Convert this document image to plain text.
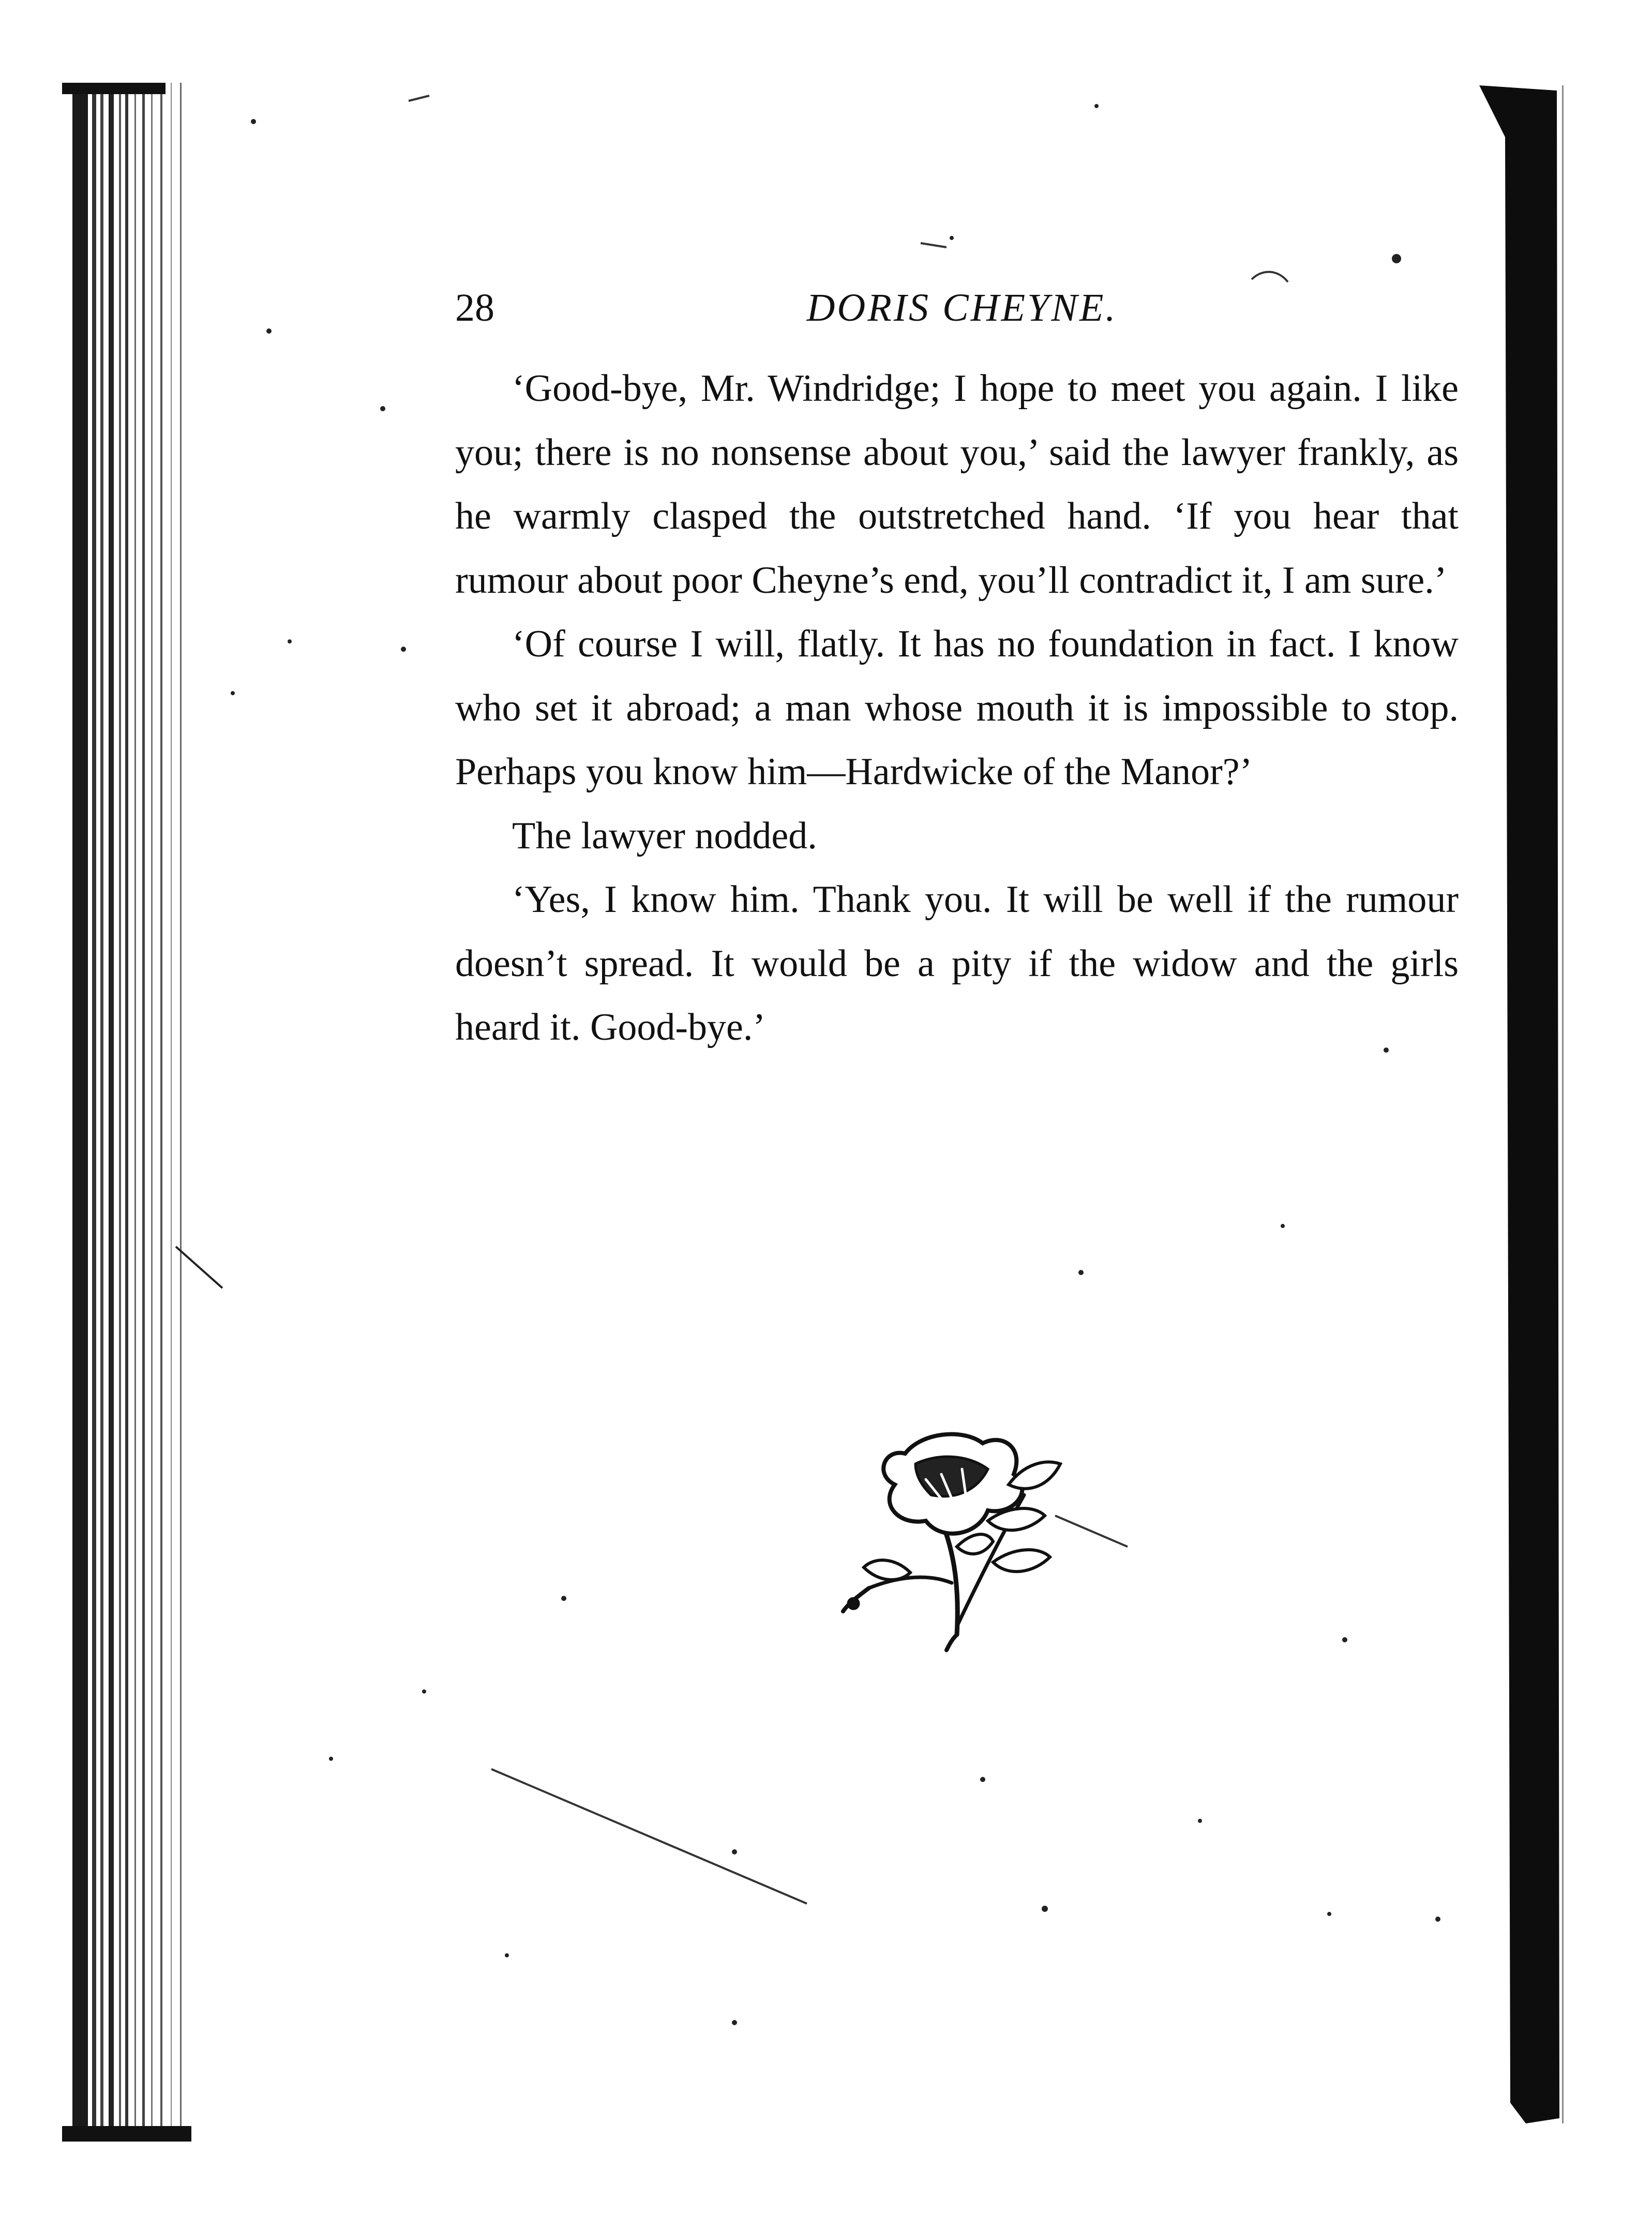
28	DORIS CHEYNE.

‘Good-bye, Mr. Windridge; I hope to meet you again. I like you; there is no nonsense about you,’ said the lawyer frankly, as he warmly clasped the outstretched hand. ‘If you hear that rumour about poor Cheyne’s end, you’ll contradict it, I am sure.’

‘Of course I will, flatly. It has no foundation in fact. I know who set it abroad; a man whose mouth it is impossible to stop. Perhaps you know him—Hardwicke of the Manor?’

The lawyer nodded.

‘Yes, I know him. Thank you. It will be well if the rumour doesn’t spread. It would be a pity if the widow and the girls heard it. Good-bye.’
